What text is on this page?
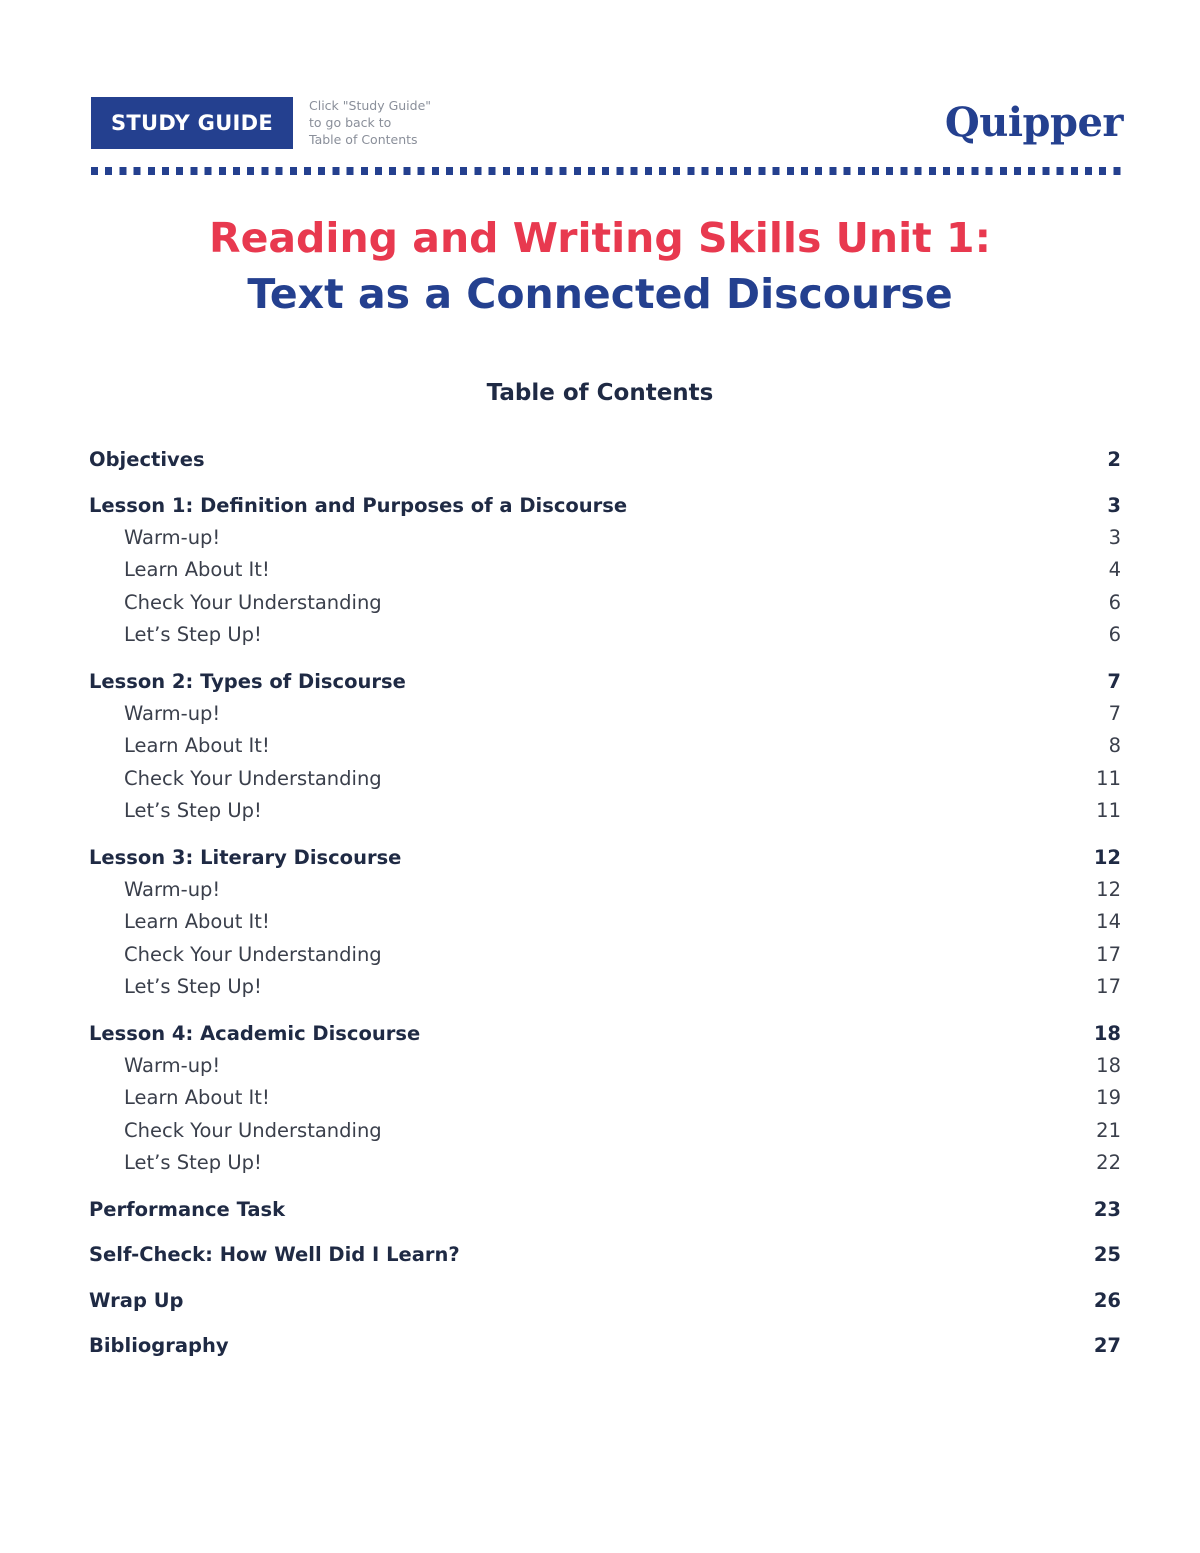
STUDY GUIDE
Click "Study Guide"
to go back to
Table of Contents	Quipper
Reading and Writing Skills Unit 1:
Text as a Connected Discourse
Table of Contents
Objectives	2
Lesson 1: Definition and Purposes of a Discourse	3
Warm-up!	3
Learn About It!	4
Check Your Understanding	6
Let’s Step Up!	6
Lesson 2: Types of Discourse	7
Warm-up!	7
Learn About It!	8
Check Your Understanding	11
Let’s Step Up!	11
Lesson 3: Literary Discourse	12
Warm-up!	12
Learn About It!	14
Check Your Understanding	17
Let’s Step Up!	17
Lesson 4: Academic Discourse	18
Warm-up!	18
Learn About It!	19
Check Your Understanding	21
Let’s Step Up!	22
Performance Task	23
Self-Check: How Well Did I Learn?	25
Wrap Up	26
Bibliography	27
